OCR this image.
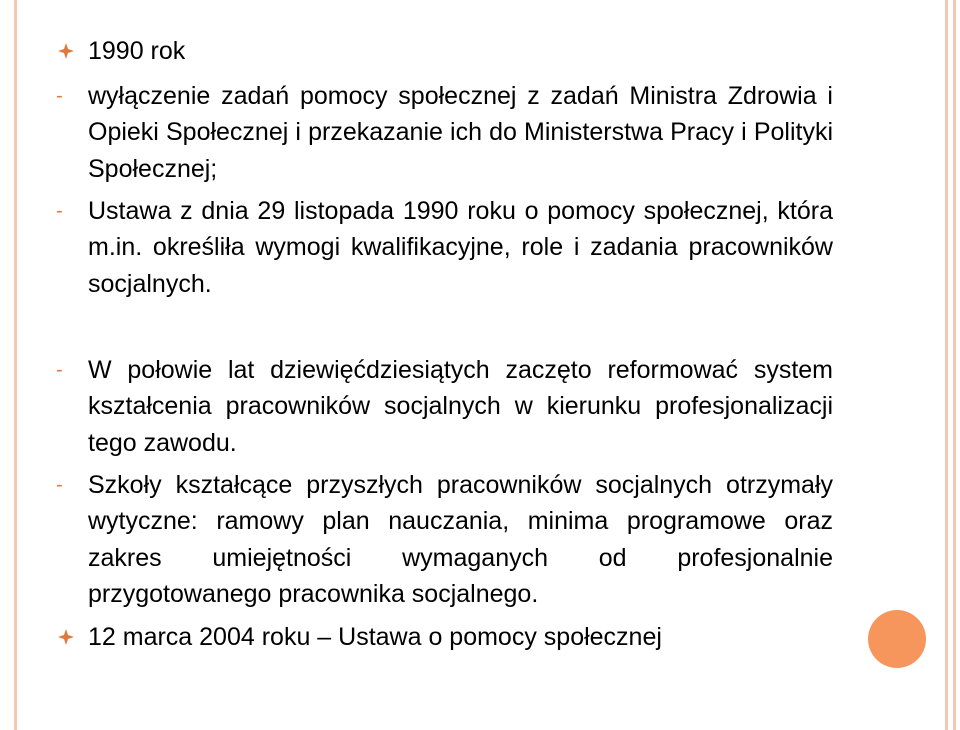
1990 rok
- wyłączenie zadań pomocy społecznej z zadań Ministra Zdrowia i Opieki Społecznej i przekazanie ich do Ministerstwa Pracy i Polityki Społecznej;
- Ustawa z dnia 29 listopada 1990 roku o pomocy społecznej, która m.in. określiła wymogi kwalifikacyjne, role i zadania pracowników socjalnych.
- W połowie lat dziewięćdziesiątych zaczęto reformować system kształcenia pracowników socjalnych w kierunku profesjonalizacji tego zawodu.
- Szkoły kształcące przyszłych pracowników socjalnych otrzymały wytyczne: ramowy plan nauczania, minima programowe oraz zakres umiejętności wymaganych od profesjonalnie przygotowanego pracownika socjalnego.
12 marca 2004 roku – Ustawa o pomocy społecznej
